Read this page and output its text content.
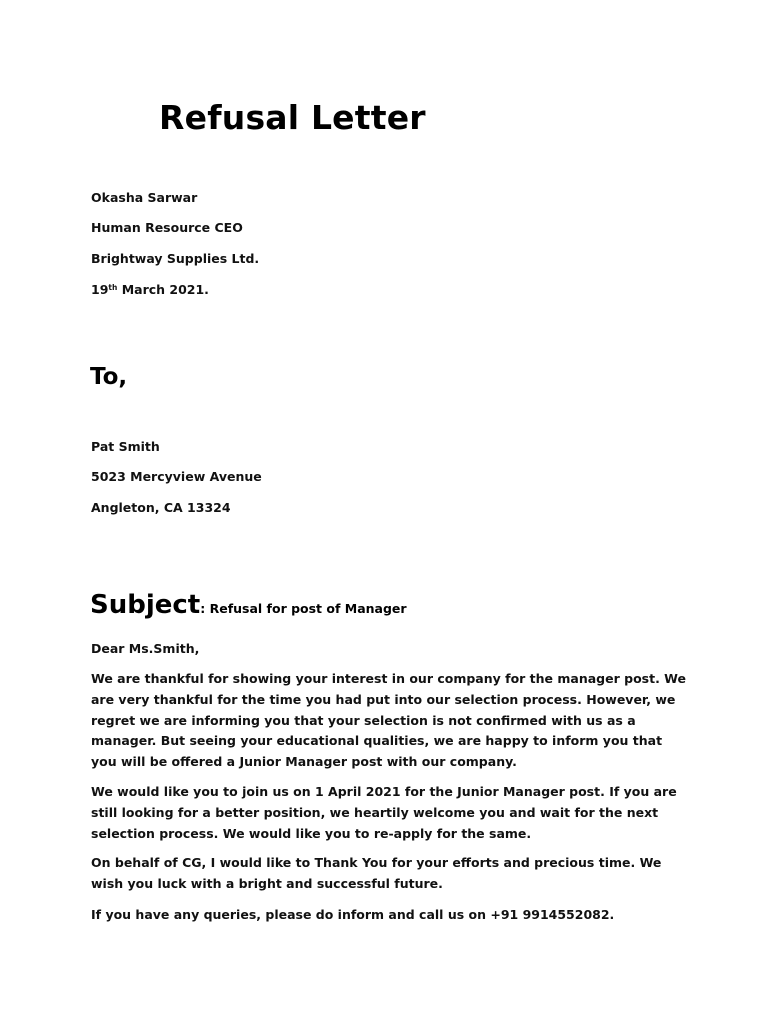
Refusal Letter

Okasha Sarwar

Human Resource CEO

Brightway Supplies Ltd.

19th March 2021.

To,

Pat Smith

5023 Mercyview Avenue

Angleton, CA 13324

Subject: Refusal for post of Manager

Dear Ms.Smith,

We are thankful for showing your interest in our company for the manager post. We are very thankful for the time you had put into our selection process. However, we regret we are informing you that your selection is not confirmed with us as a manager. But seeing your educational qualities, we are happy to inform you that you will be offered a Junior Manager post with our company.

We would like you to join us on 1 April 2021 for the Junior Manager post. If you are still looking for a better position, we heartily welcome you and wait for the next selection process. We would like you to re-apply for the same.

On behalf of CG, I would like to Thank You for your efforts and precious time. We wish you luck with a bright and successful future.

If you have any queries, please do inform and call us on +91 9914552082.
